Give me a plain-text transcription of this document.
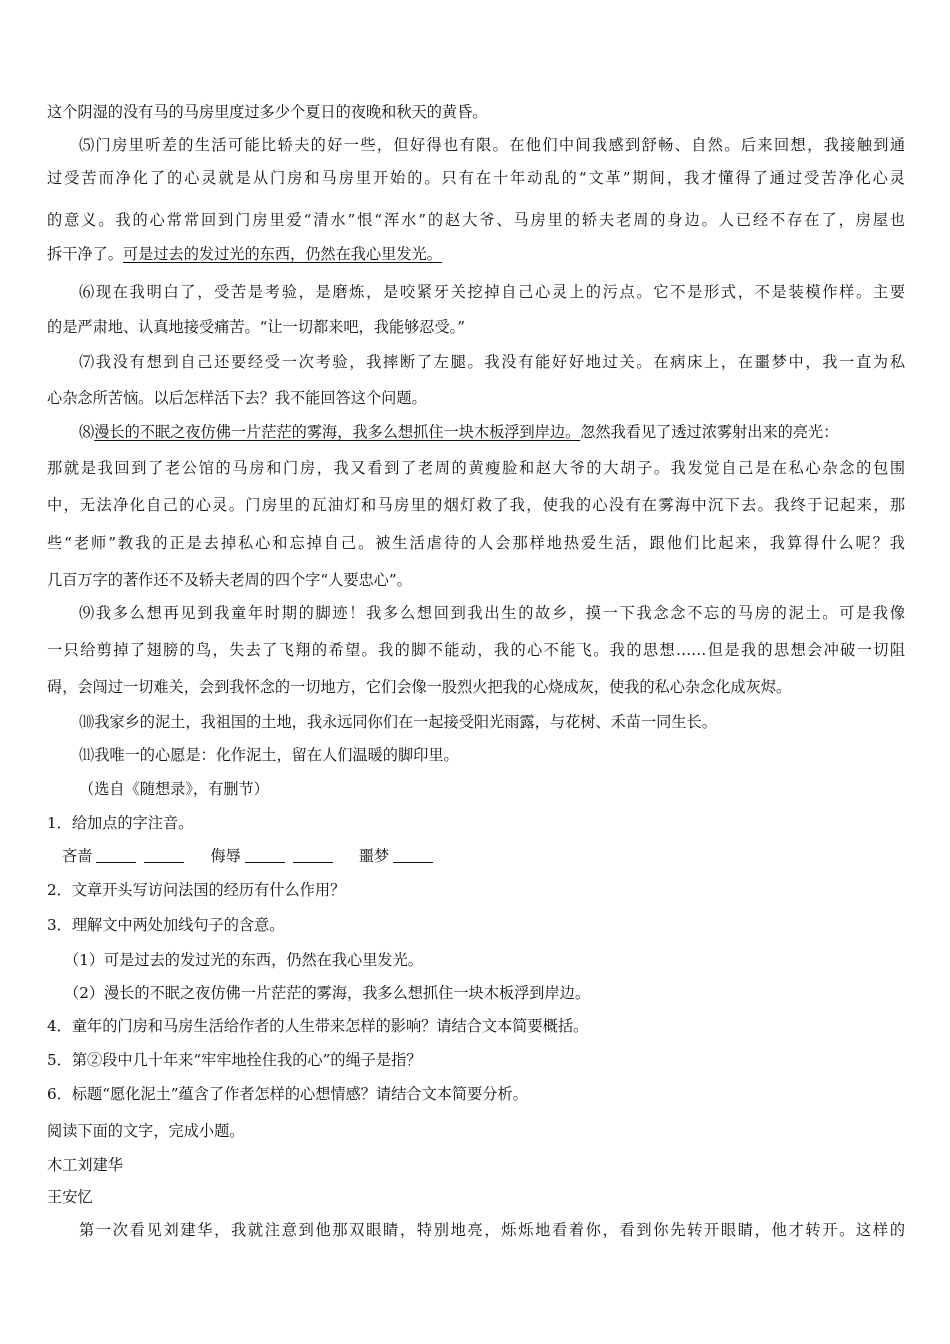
这个阴湿的没有马的马房里度过多少个夏日的夜晚和秋天的黄昏。
⑸门房里听差的生活可能比轿夫的好一些，但好得也有限。在他们中间我感到舒畅、自然。后来回想，我接触到通
过受苦而净化了的心灵就是从门房和马房里开始的。只有在十年动乱的“文革”期间，我才懂得了通过受苦净化心灵
的意义。我的心常常回到门房里爱“清水”恨“浑水”的赵大爷、马房里的轿夫老周的身边。人已经不存在了，房屋也
拆干净了。可是过去的发过光的东西，仍然在我心里发光。
⑹现在我明白了，受苦是考验，是磨炼，是咬紧牙关挖掉自己心灵上的污点。它不是形式，不是装模作样。主要
的是严肃地、认真地接受痛苦。“让一切都来吧，我能够忍受。”
⑺我没有想到自己还要经受一次考验，我摔断了左腿。我没有能好好地过关。在病床上，在噩梦中，我一直为私
心杂念所苦恼。以后怎样活下去？我不能回答这个问题。
⑻漫长的不眠之夜仿佛一片茫茫的雾海，我多么想抓住一块木板浮到岸边。忽然我看见了透过浓雾射出来的亮光：
那就是我回到了老公馆的马房和门房，我又看到了老周的黄瘦脸和赵大爷的大胡子。我发觉自己是在私心杂念的包围
中，无法净化自己的心灵。门房里的瓦油灯和马房里的烟灯救了我，使我的心没有在雾海中沉下去。我终于记起来，那
些“老师”教我的正是去掉私心和忘掉自己。被生活虐待的人会那样地热爱生活，跟他们比起来，我算得什么呢？我
几百万字的著作还不及轿夫老周的四个字“人要忠心”。
⑼我多么想再见到我童年时期的脚迹！我多么想回到我出生的故乡，摸一下我念念不忘的马房的泥土。可是我像
一只给剪掉了翅膀的鸟，失去了飞翔的希望。我的脚不能动，我的心不能飞。我的思想……但是我的思想会冲破一切阻
碍，会闯过一切难关，会到我怀念的一切地方，它们会像一股烈火把我的心烧成灰，使我的私心杂念化成灰烬。
⑽我家乡的泥土，我祖国的土地，我永远同你们在一起接受阳光雨露，与花树、禾苗一同生长。
⑾我唯一的心愿是：化作泥土，留在人们温暖的脚印里。
（选自《随想录》，有删节）
1．给加点的字注音。
吝啬	侮辱	噩梦
2．文章开头写访问法国的经历有什么作用？
3．理解文中两处加线句子的含意。
（1）可是过去的发过光的东西，仍然在我心里发光。
（2）漫长的不眠之夜仿佛一片茫茫的雾海，我多么想抓住一块木板浮到岸边。
4．童年的门房和马房生活给作者的人生带来怎样的影响？请结合文本简要概括。
5．第②段中几十年来“牢牢地拴住我的心”的绳子是指？
6．标题“愿化泥土”蕴含了作者怎样的心想情感？请结合文本简要分析。
阅读下面的文字，完成小题。
木工刘建华
王安忆
第一次看见刘建华，我就注意到他那双眼睛，特别地亮，烁烁地看着你，看到你先转开眼睛，他才转开。这样的
